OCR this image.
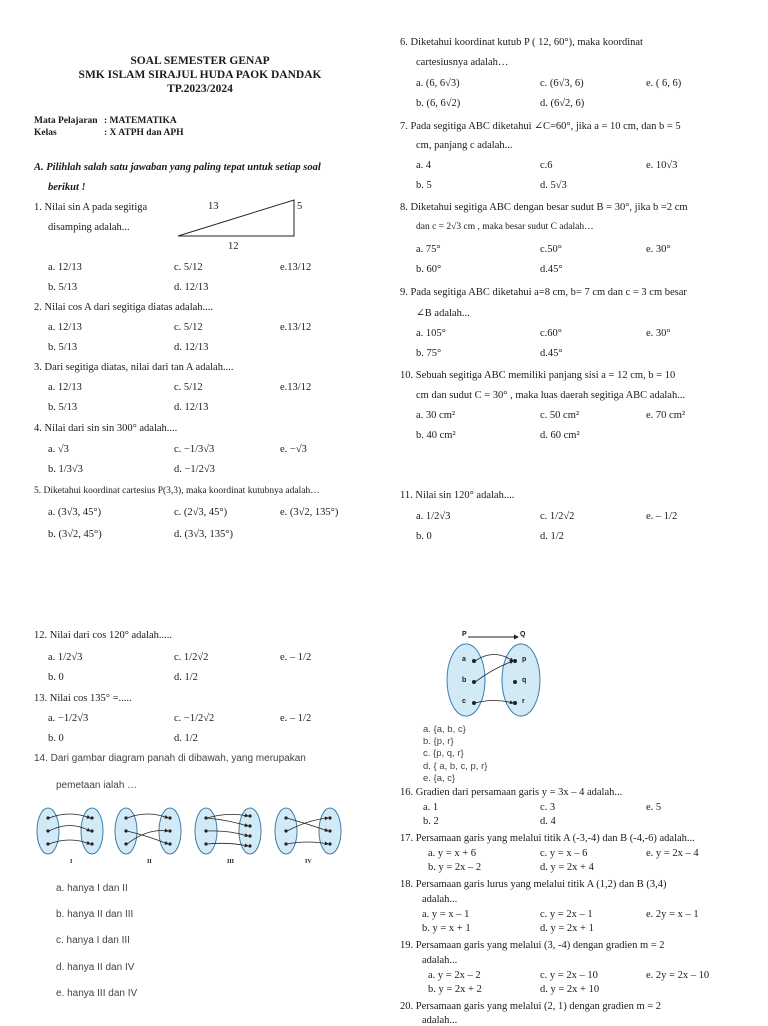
SOAL SEMESTER GENAP
SMK ISLAM SIRAJUL HUDA PAOK DANDAK
TP.2023/2024
Mata Pelajaran : MATEMATIKA
Kelas	: X ATPH dan APH
A. Pilihlah salah satu jawaban yang paling tepat untuk setiap soal
berikut !
1. Nilai sin A pada segitiga
disamping adalah...
13	5
12
a. 12/13	c. 5/12	e.13/12
b. 5/13	d. 12/13
2. Nilai cos A dari segitiga diatas adalah....
a. 12/13	c. 5/12	e.13/12
b. 5/13	d. 12/13
3. Dari segitiga diatas, nilai dari tan A adalah....
a. 12/13	c. 5/12	e.13/12
b. 5/13	d. 12/13
4. Nilai dari sin sin 300° adalah....
a. √3	c. −1/3√3	e. −√3
b. 1/3√3	d. −1/2√3
5. Diketahui koordinat cartesius P(3,3), maka koordinat kutubnya adalah…
a. (3√3, 45°)	c. (2√3, 45°)	e. (3√2, 135°)
b. (3√2, 45°)	d. (3√3, 135°)
12. Nilai dari cos 120° adalah.....
a. 1/2√3	c. 1/2√2	e. – 1/2
b. 0	d. 1/2
13. Nilai cos 135° =.....
a. −1/2√3	c. −1/2√2	e. – 1/2
b. 0	d. 1/2
14. Dari gambar diagram panah di dibawah, yang merupakan
pemetaan ialah …
I	II	III	IV
a. hanya I dan II
b. hanya II dan III
c. hanya I dan III
d. hanya II dan IV
e. hanya III dan IV
6. Diketahui koordinat kutub P ( 12, 60°), maka koordinat
cartesiusnya adalah…
a. (6, 6√3)	c. (6√3, 6)	e. ( 6, 6)
b. (6, 6√2)	d. (6√2, 6)
7. Pada segitiga ABC diketahui ∠C=60°, jika a = 10 cm, dan b = 5
cm, panjang c adalah...
a. 4	c.6	e. 10√3
b. 5	d. 5√3
8. Diketahui segitiga ABC dengan besar sudut B = 30°, jika b =2 cm
dan c = 2√3 cm , maka besar sudut C adalah…
a. 75°	c.50°	e. 30°
b. 60°	d.45°
9. Pada segitiga ABC diketahui a=8 cm, b= 7 cm dan c = 3 cm besar
∠B adalah...
a. 105°	c.60°	e. 30°
b. 75°	d.45°
10. Sebuah segitiga ABC memiliki panjang sisi a = 12 cm, b = 10
cm dan sudut C = 30° , maka luas daerah segitiga ABC adalah...
a. 30 cm²	c. 50 cm²	e. 70 cm²
b. 40 cm²	d. 60 cm²
11. Nilai sin 120° adalah....
a. 1/2√3	c. 1/2√2	e. – 1/2
b. 0	d. 1/2
P	Q
a
b
c
p
q
r
a. {a, b, c}
b. {p, r}
c. {p, q, r}
d. { a, b, c, p, r}
e. {a, c}
16. Gradien dari persamaan garis y = 3x – 4 adalah...
a. 1	c. 3	e. 5
b. 2	d. 4
17. Persamaan garis yang melalui titik A (-3,-4) dan B (-4,-6) adalah...
a. y = x + 6	c. y = x – 6	e. y = 2x – 4
b. y = 2x – 2	d. y = 2x + 4
18. Persamaan garis lurus yang melalui titik A (1,2) dan B (3,4)
adalah...
a. y = x – 1	c. y = 2x – 1	e. 2y = x – 1
b. y = x + 1	d. y = 2x + 1
19. Persamaan garis yang melalui (3, -4) dengan gradien m = 2
adalah...
a. y = 2x – 2	c. y = 2x – 10	e. 2y = 2x – 10
b. y = 2x + 2	d. y = 2x + 10
20. Persamaan garis yang melalui (2, 1) dengan gradien m = 2
adalah...
